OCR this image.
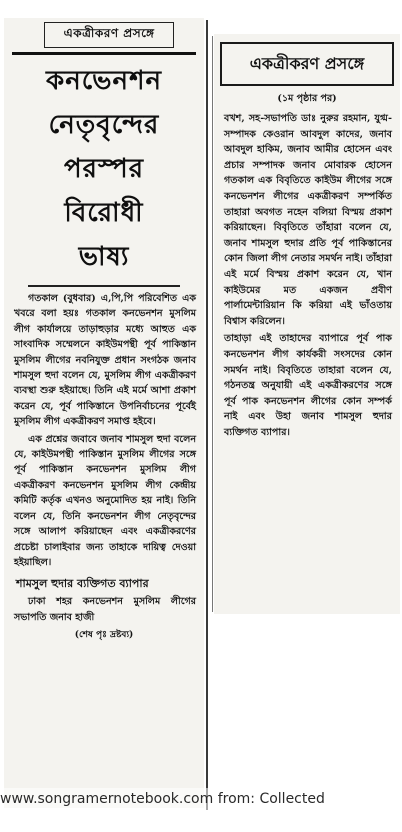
একত্রীকরণ প্রসঙ্গে
কনভেনশন
নেতৃবৃন্দের
পরস্পর
বিরোধী
ভাষ্য

গতকাল (বুধবার) এ,পি,পি পরিবেশিত এক খবরে বলা হয়ঃ গতকাল কনভেনশন মুসলিম লীগ কার্যালয়ে তাড়াহুড়ার মধ্যে আহুত এক সাংবাদিক সম্মেলনে কাইউমপন্থী পূর্ব পাকিস্তান মুসলিম লীগের নবনিযুক্ত প্রধান সংগঠক জনাব শামসুল হুদা বলেন যে, মুসলিম লীগ একত্রীকরণ ব্যবস্থা শুরু হইয়াছে। তিনি এই মর্মে আশা প্রকাশ করেন যে, পূর্ব পাকিস্তানে উপনির্বাচনের পূর্বেই মুসলিম লীগ একত্রীকরণ সমাপ্ত হইবে।

এক প্রশ্নের জবাবে জনাব শামসুল হুদা বলেন যে, কাইউমপন্থী পাকিস্তান মুসলিম লীগের সঙ্গে পূর্ব পাকিস্তান কনভেনশন মুসলিম লীগ একত্রীকরণ কনভেনশন মুসলিম লীগ কেন্দ্রীয় কমিটি কর্তৃক এখনও অনুমোদিত হয় নাই। তিনি বলেন যে, তিনি কনভেনশন লীগ নেতৃবৃন্দের সঙ্গে আলাপ করিয়াছেন এবং একত্রীকরণের প্রচেষ্টা চালাইবার জন্য তাহাকে দায়িত্ব দেওয়া হইয়াছিল।

শামসুল হুদার ব্যক্তিগত ব্যাপার

ঢাকা শহর কনভেনশন মুসলিম লীগের সভাপতি জনাব হাজী

(শেষ পৃঃ দ্রষ্টব্য)
একত্রীকরণ প্রসঙ্গে
(১ম পৃষ্ঠার পর)

বখশ, সহ-সভাপতি ডাঃ নুরুর রহমান, যুগ্ম-সম্পাদক কেওরান আবদুল কাদের, জনাব আবদুল হাকিম, জনাব আমীর হোসেন এবং প্রচার সম্পাদক জনাব মোবারক হোসেন গতকাল এক বিবৃতিতে কাইউম লীগের সঙ্গে কনভেনশন লীগের একত্রীকরণ সম্পর্কিত তাহারা অবগত নহেন বলিয়া বিস্ময় প্রকাশ করিয়াছেন। বিবৃতিতে তাঁহারা বলেন যে, জনাব শামসুল হুদার প্রতি পূর্ব পাকিস্তানের কোন জিলা লীগ নেতার সমর্থন নাই। তাঁহারা এই মর্মে বিস্ময় প্রকাশ করেন যে, খান কাইউমের মত একজন প্রবীণ পার্লামেন্টারিয়ান কি করিয়া এই ভাঁওতায় বিশ্বাস করিলেন।

তাহাড়া এই তাহাদের ব্যাপারে পূর্ব পাক কনভেনশন লীগ কার্যকরী সংসদের কোন সমর্থন নাই। বিবৃতিতে তাহারা বলেন যে, গঠনতন্ত্র অনুযায়ী এই একত্রীকরণের সঙ্গে পূর্ব পাক কনভেনশন লীগের কোন সম্পর্ক নাই এবং উহা জনাব শামসুল হুদার ব্যক্তিগত ব্যাপার।

www.songramernotebook.com from: Collected
